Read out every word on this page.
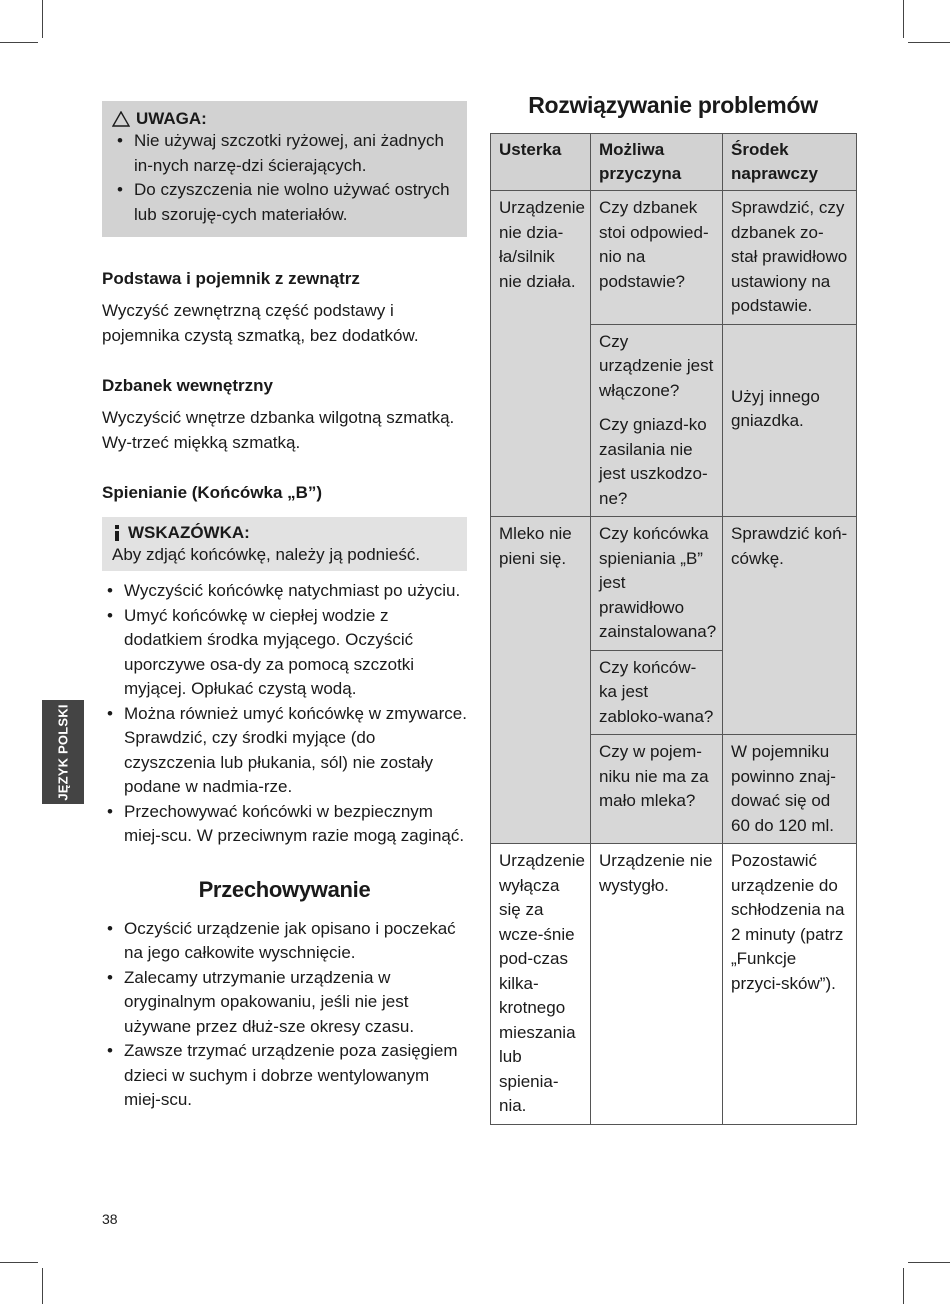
UWAGA:
• Nie używaj szczotki ryżowej, ani żadnych in-nych narzę-dzi ścierających.
• Do czyszczenia nie wolno używać ostrych lub szoruję-cych materiałów.
Podstawa i pojemnik z zewnątrz
Wyczyść zewnętrzną część podstawy i pojemnika czystą szmatką, bez dodatków.
Dzbanek wewnętrzny
Wyczyścić wnętrze dzbanka wilgotną szmatką. Wy-trzeć miękką szmatką.
Spienianie (Końcówka „B”)
WSKAZÓWKA:
Aby zdjąć końcówkę, należy ją podnieść.
• Wyczyścić końcówkę natychmiast po użyciu.
• Umyć końcówkę w ciepłej wodzie z dodatkiem środka myjącego. Oczyścić uporczywe osa-dy za pomocą szczotki myjącej. Opłukać czystą wodą.
• Można również umyć końcówkę w zmywarce. Sprawdzić, czy środki myjące (do czyszczenia lub płukania, sól) nie zostały podane w nadmia-rze.
• Przechowywać końcówki w bezpiecznym miej-scu. W przeciwnym razie mogą zaginąć.
Przechowywanie
• Oczyścić urządzenie jak opisano i poczekać na jego całkowite wyschnięcie.
• Zalecamy utrzymanie urządzenia w oryginalnym opakowaniu, jeśli nie jest używane przez dłuż-sze okresy czasu.
• Zawsze trzymać urządzenie poza zasięgiem dzieci w suchym i dobrze wentylowanym miej-scu.
Rozwiązywanie problemów
Usterka	Możliwa przyczyna	Środek naprawczy
Urządzenie nie dzia-ła/silnik nie działa.	Czy dzbanek stoi odpowied-nio na podstawie?	Sprawdzić, czy dzbanek zo-stał prawidłowo ustawiony na podstawie.
	Czy urządzenie jest włączone?	Użyj innego gniazdka.
	Czy gniazd-ko zasilania nie jest uszkodzo-ne?	
Mleko nie pieni się.	Czy końcówka spieniania „B” jest prawidłowo zainstalowana?	Sprawdzić koń-cówkę.
	Czy końców-ka jest zabloko-wana?	
	Czy w pojem-niku nie ma za mało mleka?	W pojemniku powinno znaj-dować się od 60 do 120 ml.
Urządzenie wyłącza się za wcze-śnie pod-czas kilka-krotnego mieszania lub spienia-nia.	Urządzenie nie wystygło.	Pozostawić urządzenie do schłodzenia na 2 minuty (patrz „Funkcje przyci-sków”).
JĘZYK POLSKI
38
